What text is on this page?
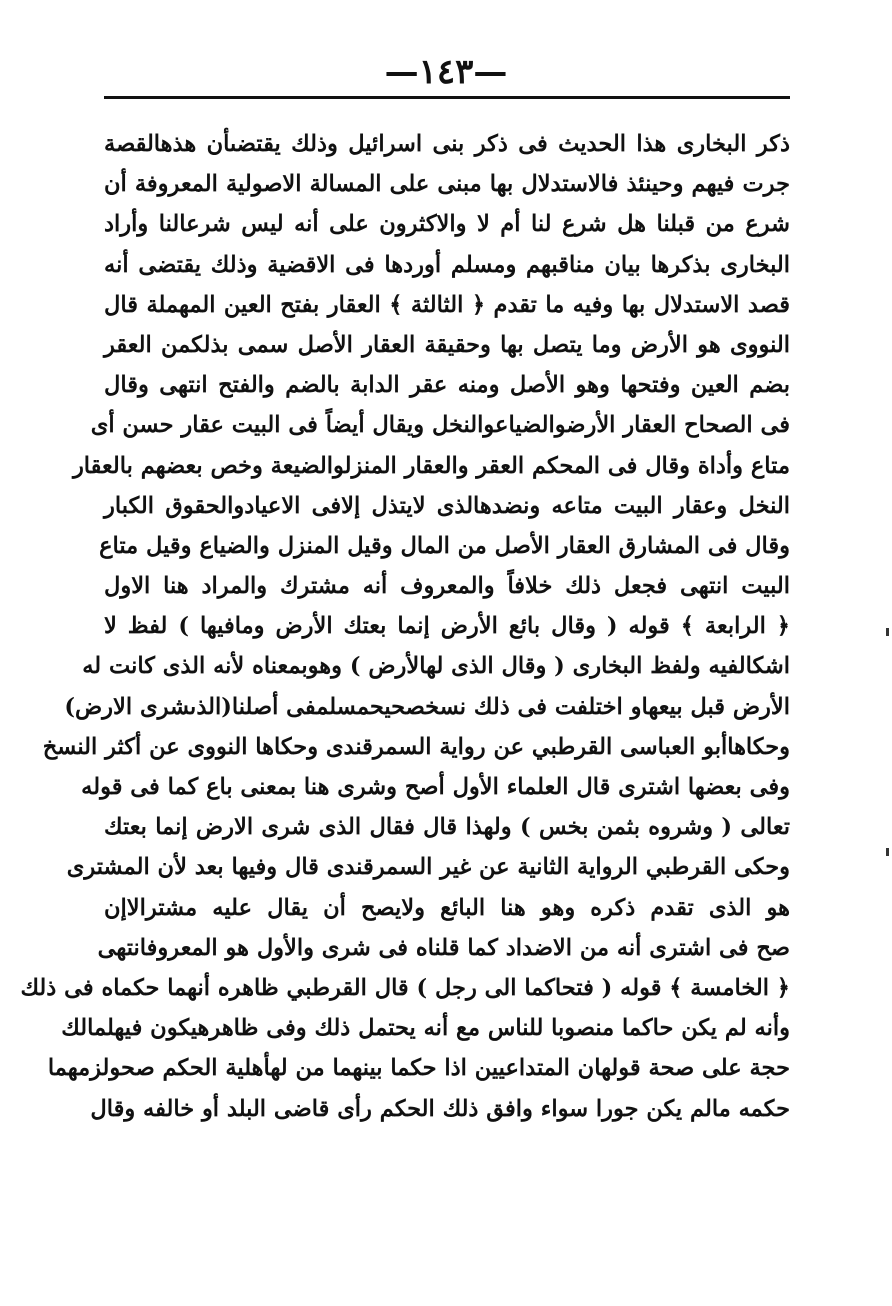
—١٤٣—
ذكر البخارى هذا الحديث فى ذكر بنى اسرائيل وذلك يقتضىأن هذهالقصة
جرت فيهم وحينئذ فالاستدلال بها مبنى على المسالة الاصولية المعروفة أن
شرع من قبلنا هل شرع لنا أم لا والاكثرون على أنه ليس شرعالنا وأراد
البخارى بذكرها بيان مناقبهم ومسلم أوردها فى الاقضية وذلك يقتضى أنه
قصد الاستدلال بها وفيه ما تقدم ﴿ الثالثة ﴾ العقار بفتح العين المهملة قال
النووى هو الأرض وما يتصل بها وحقيقة العقار الأصل سمى بذلكمن العقر
بضم العين وفتحها وهو الأصل ومنه عقر الدابة بالضم والفتح انتهى وقال
فى الصحاح العقار الأرضوالضياعوالنخل ويقال أيضاً فى البيت عقار حسن أى
متاع وأداة وقال فى المحكم العقر والعقار المنزلوالضيعة وخص بعضهم بالعقار
النخل وعقار البيت متاعه ونضدهالذى لايتذل إلافى الاعيادوالحقوق الكبار
وقال فى المشارق العقار الأصل من المال وقيل المنزل والضياع وقيل متاع
البيت انتهى فجعل ذلك خلافاً والمعروف أنه مشترك والمراد هنا الاول
﴿ الرابعة ﴾ قوله ( وقال بائع الأرض إنما بعتك الأرض ومافيها ) لفظ لا
اشكالفيه ولفظ البخارى ( وقال الذى لهالأرض ) وهوبمعناه لأنه الذى كانت له
الأرض قبل بيعهاو اختلفت فى ذلك نسخصحيحمسلمفى أصلنا(الذىشرى الارض)
وحكاهاأبو العباسى القرطبي عن رواية السمرقندى وحكاها النووى عن أكثر النسخ
وفى بعضها اشترى قال العلماء الأول أصح وشرى هنا بمعنى باع كما فى قوله
تعالى ( وشروه بثمن بخس ) ولهذا قال فقال الذى شرى الارض إنما بعتك
وحكى القرطبي الرواية الثانية عن غير السمرقندى قال وفيها بعد لأن المشترى
هو الذى تقدم ذكره وهو هنا البائع ولايصح أن يقال عليه مشترالاإن
صح فى اشترى أنه من الاضداد كما قلناه فى شرى والأول هو المعروفانتهى
﴿ الخامسة ﴾ قوله ( فتحاكما الى رجل ) قال القرطبي ظاهره أنهما حكماه فى ذلك
وأنه لم يكن حاكما منصوبا للناس مع أنه يحتمل ذلك وفى ظاهرهيكون فيهلمالك
حجة على صحة قولهان المتداعيين اذا حكما بينهما من لهأهلية الحكم صحولزمهما
حكمه مالم يكن جورا سواء وافق ذلك الحكم رأى قاضى البلد أو خالفه وقال
